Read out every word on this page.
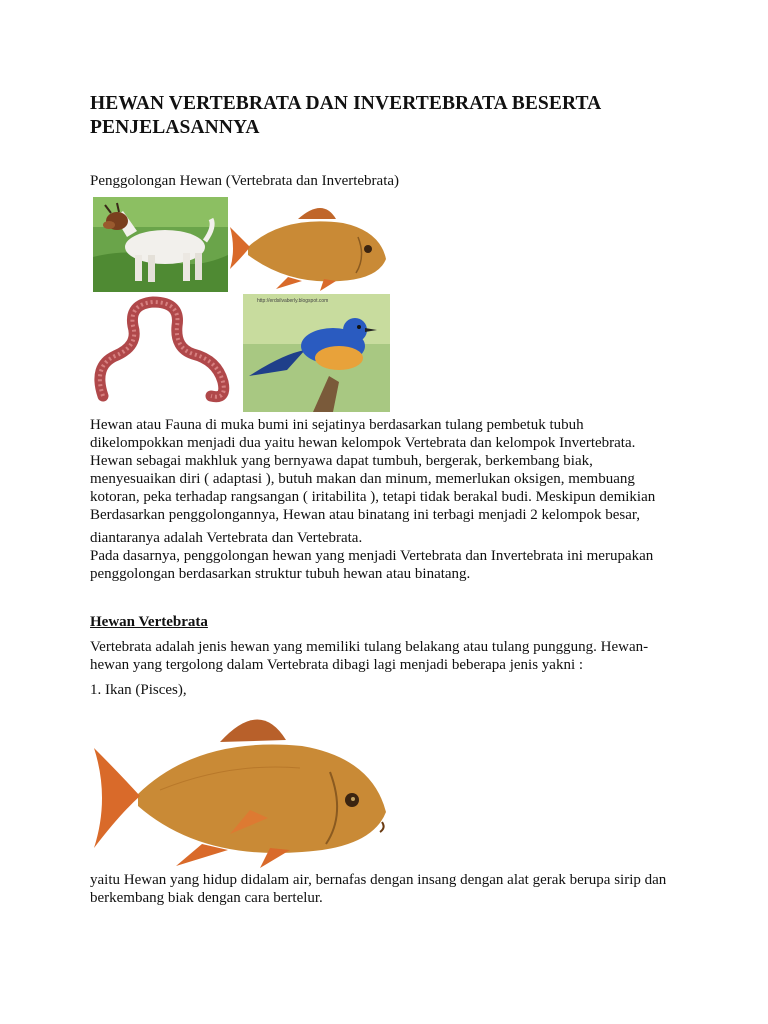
HEWAN VERTEBRATA DAN INVERTEBRATA BESERTA
PENJELASANNYA
Penggolongan Hewan (Vertebrata dan Invertebrata)
http://erdsilvaberly.blogspot.com
Hewan atau Fauna di muka bumi ini sejatinya berdasarkan tulang pembetuk tubuh
dikelompokkan menjadi dua yaitu hewan kelompok Vertebrata dan kelompok Invertebrata.
Hewan sebagai makhluk yang bernyawa dapat tumbuh, bergerak, berkembang biak,
menyesuaikan diri ( adaptasi ), butuh makan dan minum, memerlukan oksigen, membuang
kotoran, peka terhadap rangsangan ( iritabilita ), tetapi tidak berakal budi. Meskipun demikian
Berdasarkan penggolongannya, Hewan atau binatang ini terbagi menjadi 2 kelompok besar,
diantaranya adalah Vertebrata dan Vertebrata.
Pada dasarnya, penggolongan hewan yang menjadi Vertebrata dan Invertebrata ini merupakan
penggolongan berdasarkan struktur tubuh hewan atau binatang.
Hewan Vertebrata
Vertebrata adalah jenis hewan yang memiliki tulang belakang atau tulang punggung. Hewan-
hewan yang tergolong dalam Vertebrata dibagi lagi menjadi beberapa jenis yakni :
1. Ikan (Pisces),
yaitu Hewan yang hidup didalam air, bernafas dengan insang dengan alat gerak berupa sirip dan
berkembang biak dengan cara bertelur.
